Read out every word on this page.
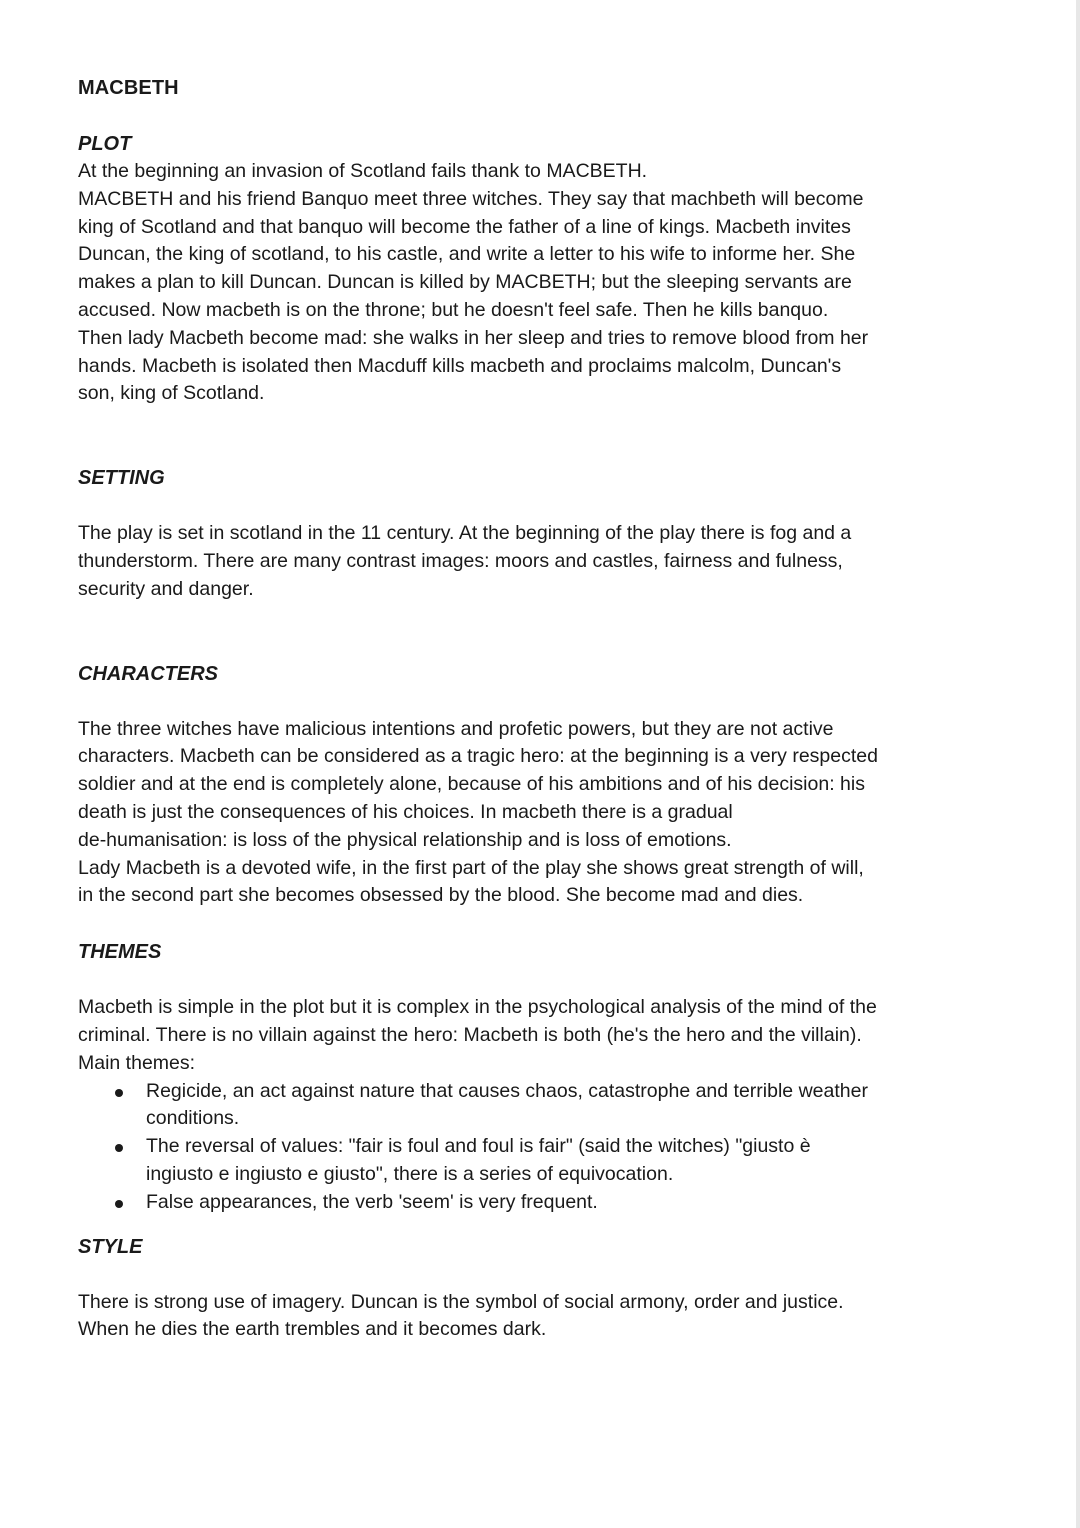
MACBETH
PLOT

At the beginning an invasion of Scotland fails thank to MACBETH.
MACBETH and his friend Banquo meet three witches. They say that machbeth will become
king of Scotland and that banquo will become the father of a line of kings. Macbeth invites
Duncan, the king of scotland, to his castle, and write a letter to his wife to informe her. She
makes a plan to kill Duncan. Duncan is killed by MACBETH; but the sleeping servants are
accused. Now macbeth is on the throne; but he doesn't feel safe. Then he kills banquo.
Then lady Macbeth become mad: she walks in her sleep and tries to remove blood from her
hands. Macbeth is isolated then Macduff kills macbeth and proclaims malcolm, Duncan's
son, king of Scotland.

SETTING

The play is set in scotland in the 11 century. At the beginning of the play there is fog and a
thunderstorm. There are many contrast images: moors and castles, fairness and fulness,
security and danger.

CHARACTERS

The three witches have malicious intentions and profetic powers, but they are not active
characters. Macbeth can be considered as a tragic hero: at the beginning is a very respected
soldier and at the end is completely alone, because of his ambitions and of his decision: his
death is just the consequences of his choices. In macbeth there is a gradual
de-humanisation: is loss of the physical relationship and is loss of emotions.
Lady Macbeth is a devoted wife, in the first part of the play she shows great strength of will,
in the second part she becomes obsessed by the blood. She become mad and dies.

THEMES

Macbeth is simple in the plot but it is complex in the psychological analysis of the mind of the
criminal. There is no villain against the hero: Macbeth is both (he's the hero and the villain).
Main themes:

Regicide, an act against nature that causes chaos, catastrophe and terrible weather
conditions.
The reversal of values: "fair is foul and foul is fair" (said the witches) "giusto è
ingiusto e ingiusto e giusto", there is a series of equivocation.
False appearances, the verb 'seem' is very frequent.
STYLE

There is strong use of imagery. Duncan is the symbol of social armony, order and justice.
When he dies the earth trembles and it becomes dark.
